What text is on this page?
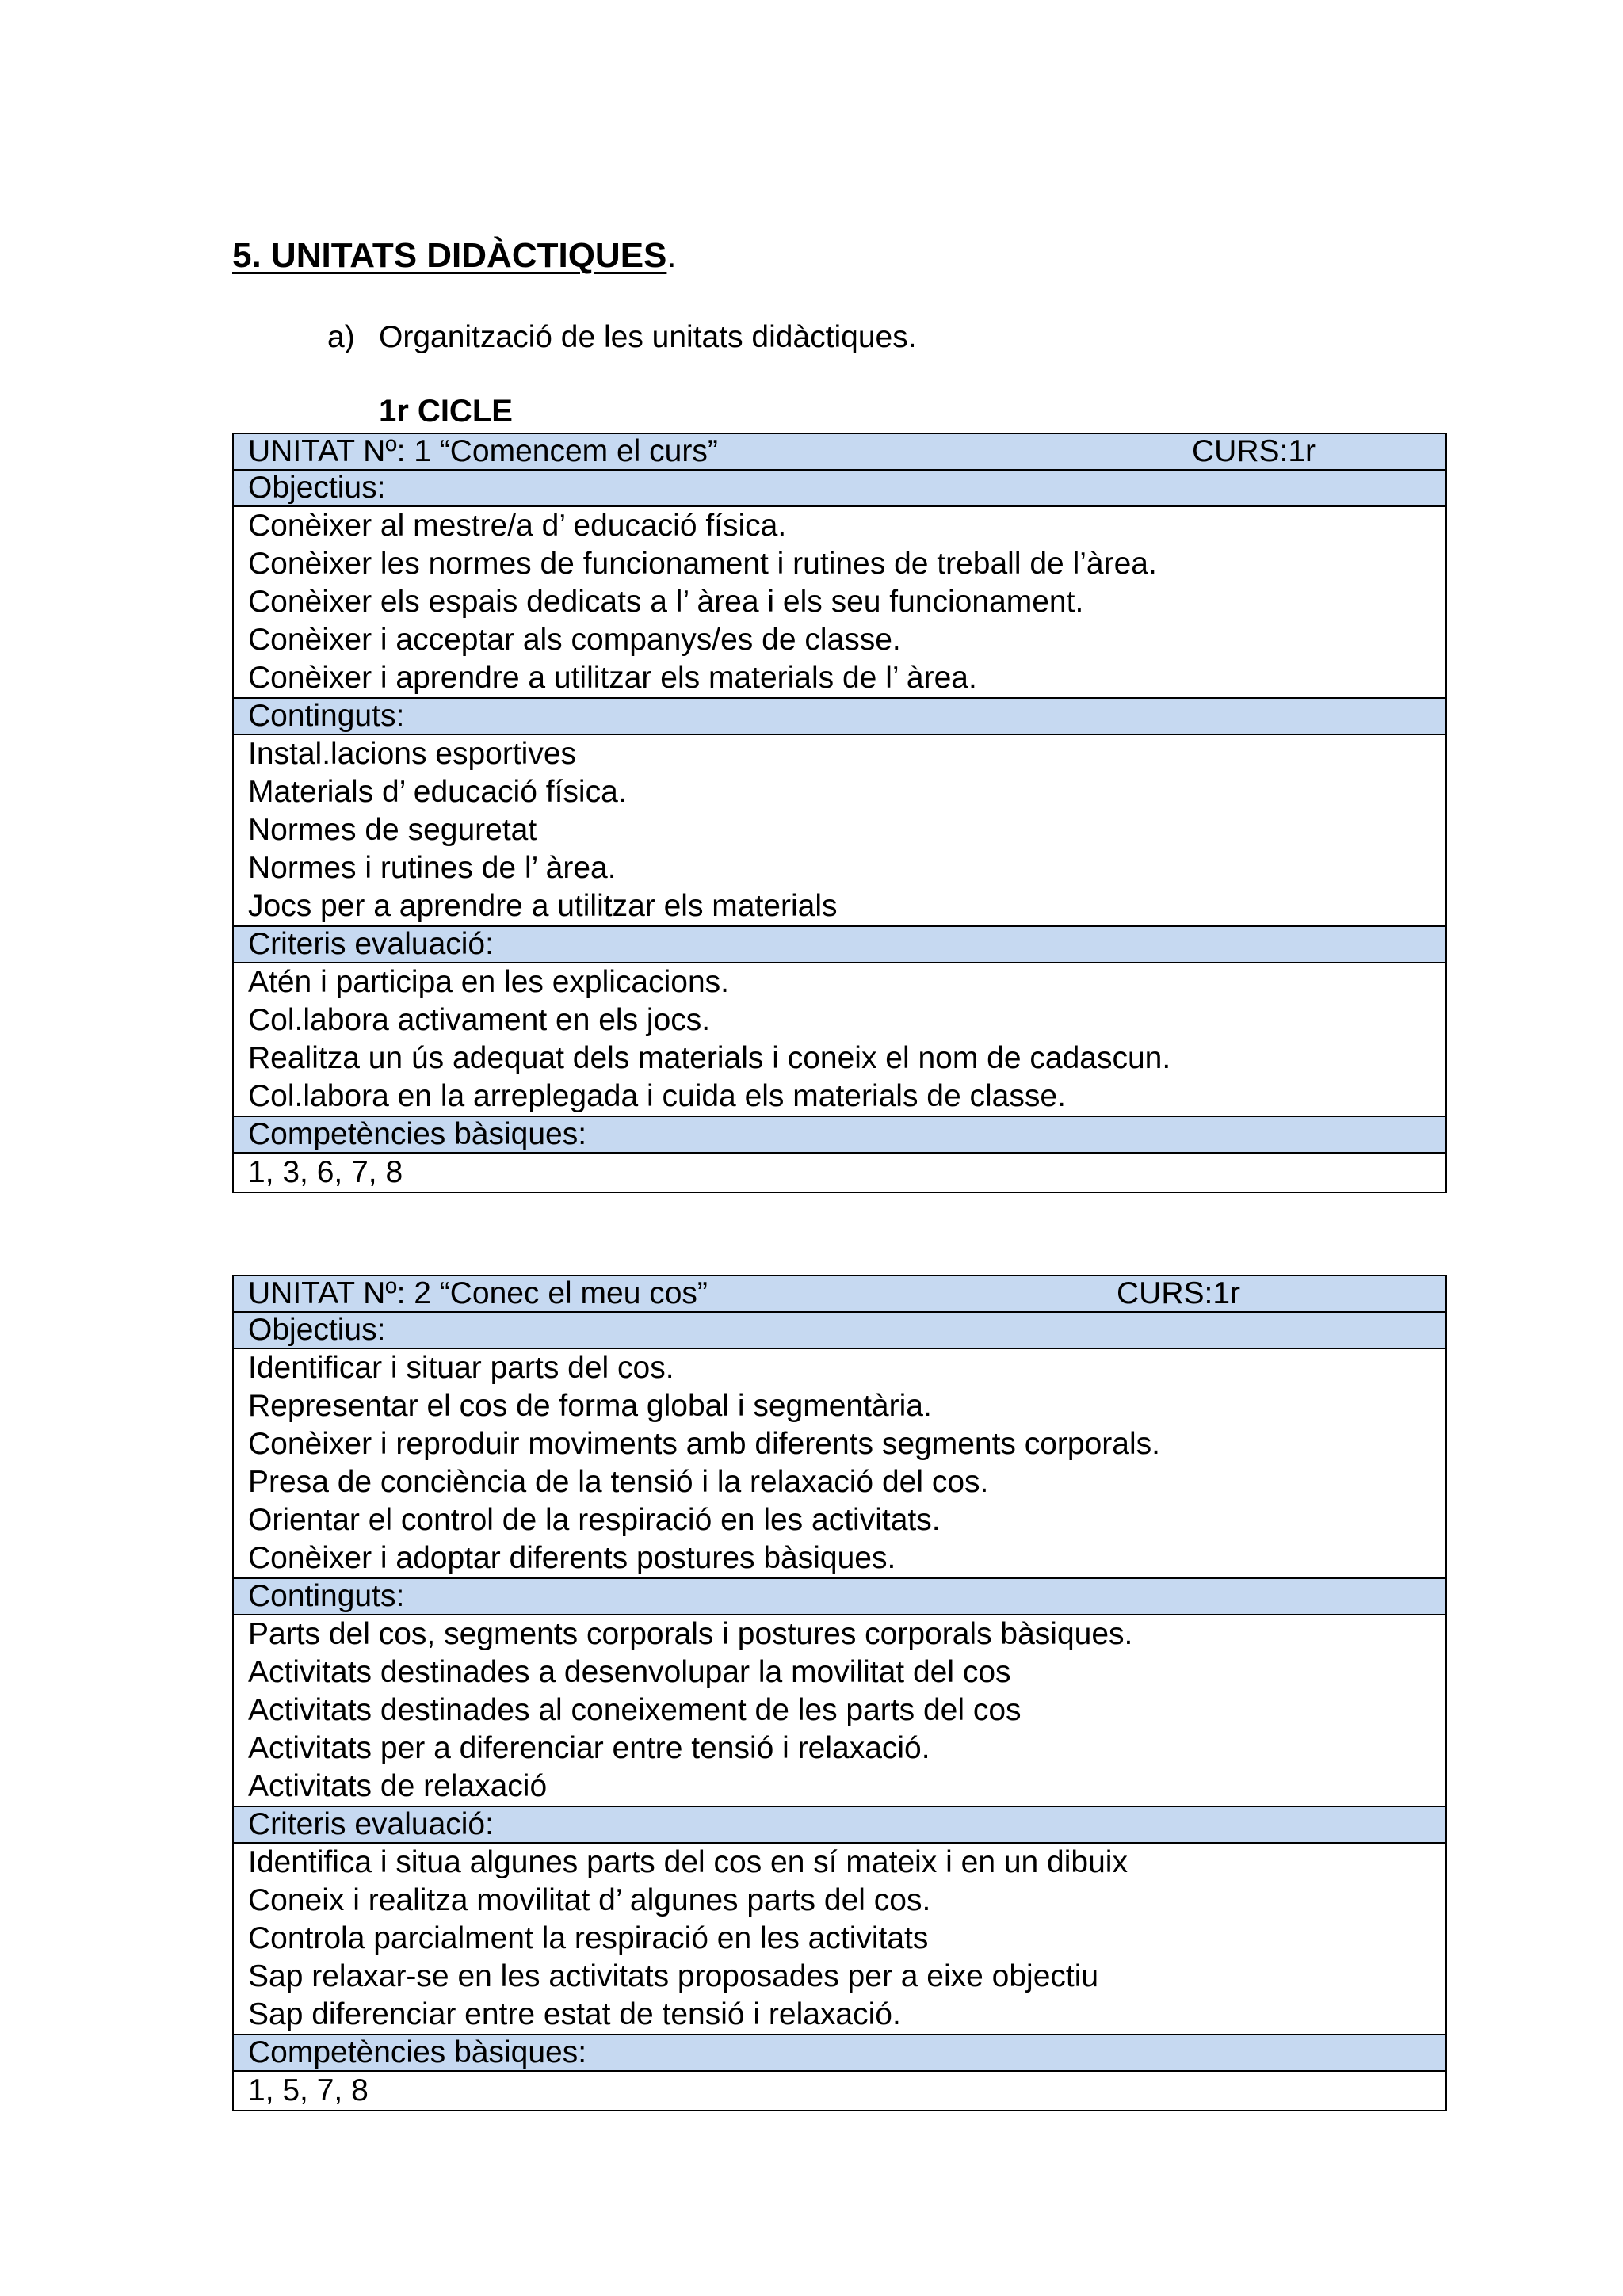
5. UNITATS DIDÀCTIQUES.
a) Organització de les unitats didàctiques.
1r CICLE
UNITAT Nº: 1 “Comencem el curs”	CURS:1r

Objectius:

Conèixer al mestre/a d’ educació física.
Conèixer les normes de funcionament i rutines de treball de l’àrea.
Conèixer els espais dedicats a l’ àrea i els seu funcionament.
Conèixer i acceptar als companys/es de classe.
Conèixer i aprendre a utilitzar els materials de l’ àrea.

Continguts:

Instal.lacions esportives
Materials d’ educació física.
Normes de seguretat
Normes i rutines de l’ àrea.
Jocs per a aprendre a utilitzar els materials

Criteris evaluació:

Atén i participa en les explicacions.
Col.labora activament en els jocs.
Realitza un ús adequat dels materials i coneix el nom de cadascun.
Col.labora en la arreplegada i cuida els materials de classe.

Competències bàsiques:
1, 3, 6, 7, 8
UNITAT Nº: 2 “Conec el meu cos”	CURS:1r

Objectius:

Identificar i situar parts del cos.
Representar el cos de forma global i segmentària.
Conèixer i reproduir moviments amb diferents segments corporals.
Presa de conciència de la tensió i la relaxació del cos.
Orientar el control de la respiració en les activitats.
Conèixer i adoptar diferents postures bàsiques.

Continguts:

Parts del cos, segments corporals i postures corporals bàsiques.
Activitats destinades a desenvolupar la movilitat del cos
Activitats destinades al coneixement de les parts del cos
Activitats per a diferenciar entre tensió i relaxació.
Activitats de relaxació

Criteris evaluació:

Identifica i situa algunes parts del cos en sí mateix i en un dibuix
Coneix i realitza movilitat d’ algunes parts del cos.
Controla parcialment la respiració en les activitats
Sap relaxar-se en les activitats proposades per a eixe objectiu
Sap diferenciar entre estat de tensió i relaxació.

Competències bàsiques:
1, 5, 7, 8
